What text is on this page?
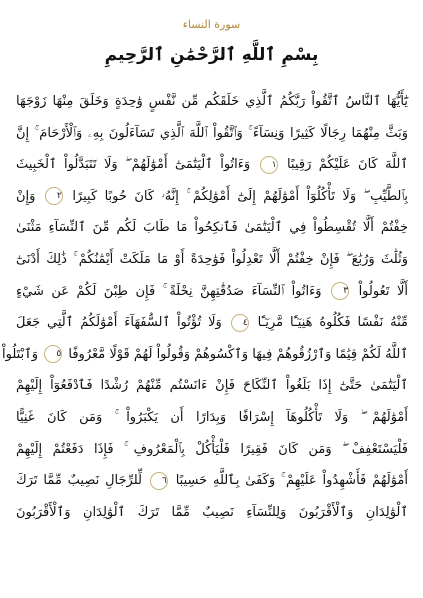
سورة النساء
بِسْمِ ٱللَّهِ ٱلرَّحْمَٰنِ ٱلرَّحِيمِ
يَٰٓأَيُّهَا ٱلنَّاسُ ٱتَّقُواْ رَبَّكُمُ ٱلَّذِي خَلَقَكُم مِّن نَّفْسٍ وَٰحِدَةٍ وَخَلَقَ مِنْهَا زَوْجَهَا
وَبَثَّ مِنْهُمَا رِجَالًا كَثِيرًا وَنِسَآءً ۚ وَٱتَّقُواْ ٱللَّهَ ٱلَّذِي تَسَآءَلُونَ بِهِۦ وَٱلْأَرْحَامَ ۚ إِنَّ
ٱللَّهَ كَانَ عَلَيْكُمْ رَقِيبًا ١ وَءَاتُواْ ٱلْيَتَٰمَىٰٓ أَمْوَٰلَهُمْ ۖ وَلَا تَتَبَدَّلُواْ ٱلْخَبِيثَ
بِٱلطَّيِّبِ ۖ وَلَا تَأْكُلُوٓاْ أَمْوَٰلَهُمْ إِلَىٰٓ أَمْوَٰلِكُمْ ۚ إِنَّهُۥ كَانَ حُوبًا كَبِيرًا ٢ وَإِنْ
خِفْتُمْ أَلَّا تُقْسِطُواْ فِي ٱلْيَتَٰمَىٰ فَٱنكِحُواْ مَا طَابَ لَكُم مِّنَ ٱلنِّسَآءِ مَثْنَىٰ
وَثُلَٰثَ وَرُبَٰعَ ۖ فَإِنْ خِفْتُمْ أَلَّا تَعْدِلُواْ فَوَٰحِدَةً أَوْ مَا مَلَكَتْ أَيْمَٰنُكُمْ ۚ ذَٰلِكَ أَدْنَىٰٓ
أَلَّا تَعُولُواْ ٣ وَءَاتُواْ ٱلنِّسَآءَ صَدُقَٰتِهِنَّ نِحْلَةً ۚ فَإِن طِبْنَ لَكُمْ عَن شَيْءٍ
مِّنْهُ نَفْسًا فَكُلُوهُ هَنِيٓـًٔا مَّرِيٓـًٔا ٤ وَلَا تُؤْتُواْ ٱلسُّفَهَآءَ أَمْوَٰلَكُمُ ٱلَّتِي جَعَلَ
ٱللَّهُ لَكُمْ قِيَٰمًا وَٱرْزُقُوهُمْ فِيهَا وَٱكْسُوهُمْ وَقُولُواْ لَهُمْ قَوْلًا مَّعْرُوفًا ٥ وَٱبْتَلُواْ
ٱلْيَتَٰمَىٰ حَتَّىٰٓ إِذَا بَلَغُواْ ٱلنِّكَاحَ فَإِنْ ءَانَسْتُم مِّنْهُمْ رُشْدًا فَٱدْفَعُوٓاْ إِلَيْهِمْ
أَمْوَٰلَهُمْ ۖ وَلَا تَأْكُلُوهَآ إِسْرَافًا وَبِدَارًا أَن يَكْبَرُواْ ۚ وَمَن كَانَ غَنِيًّا
فَلْيَسْتَعْفِفْ ۖ وَمَن كَانَ فَقِيرًا فَلْيَأْكُلْ بِٱلْمَعْرُوفِ ۚ فَإِذَا دَفَعْتُمْ إِلَيْهِمْ
أَمْوَٰلَهُمْ فَأَشْهِدُواْ عَلَيْهِمْ ۚ وَكَفَىٰ بِٱللَّهِ حَسِيبًا ٦ لِّلرِّجَالِ نَصِيبٌ مِّمَّا تَرَكَ
ٱلْوَٰلِدَانِ وَٱلْأَقْرَبُونَ وَلِلنِّسَآءِ نَصِيبٌ مِّمَّا تَرَكَ ٱلْوَٰلِدَانِ وَٱلْأَقْرَبُونَ
